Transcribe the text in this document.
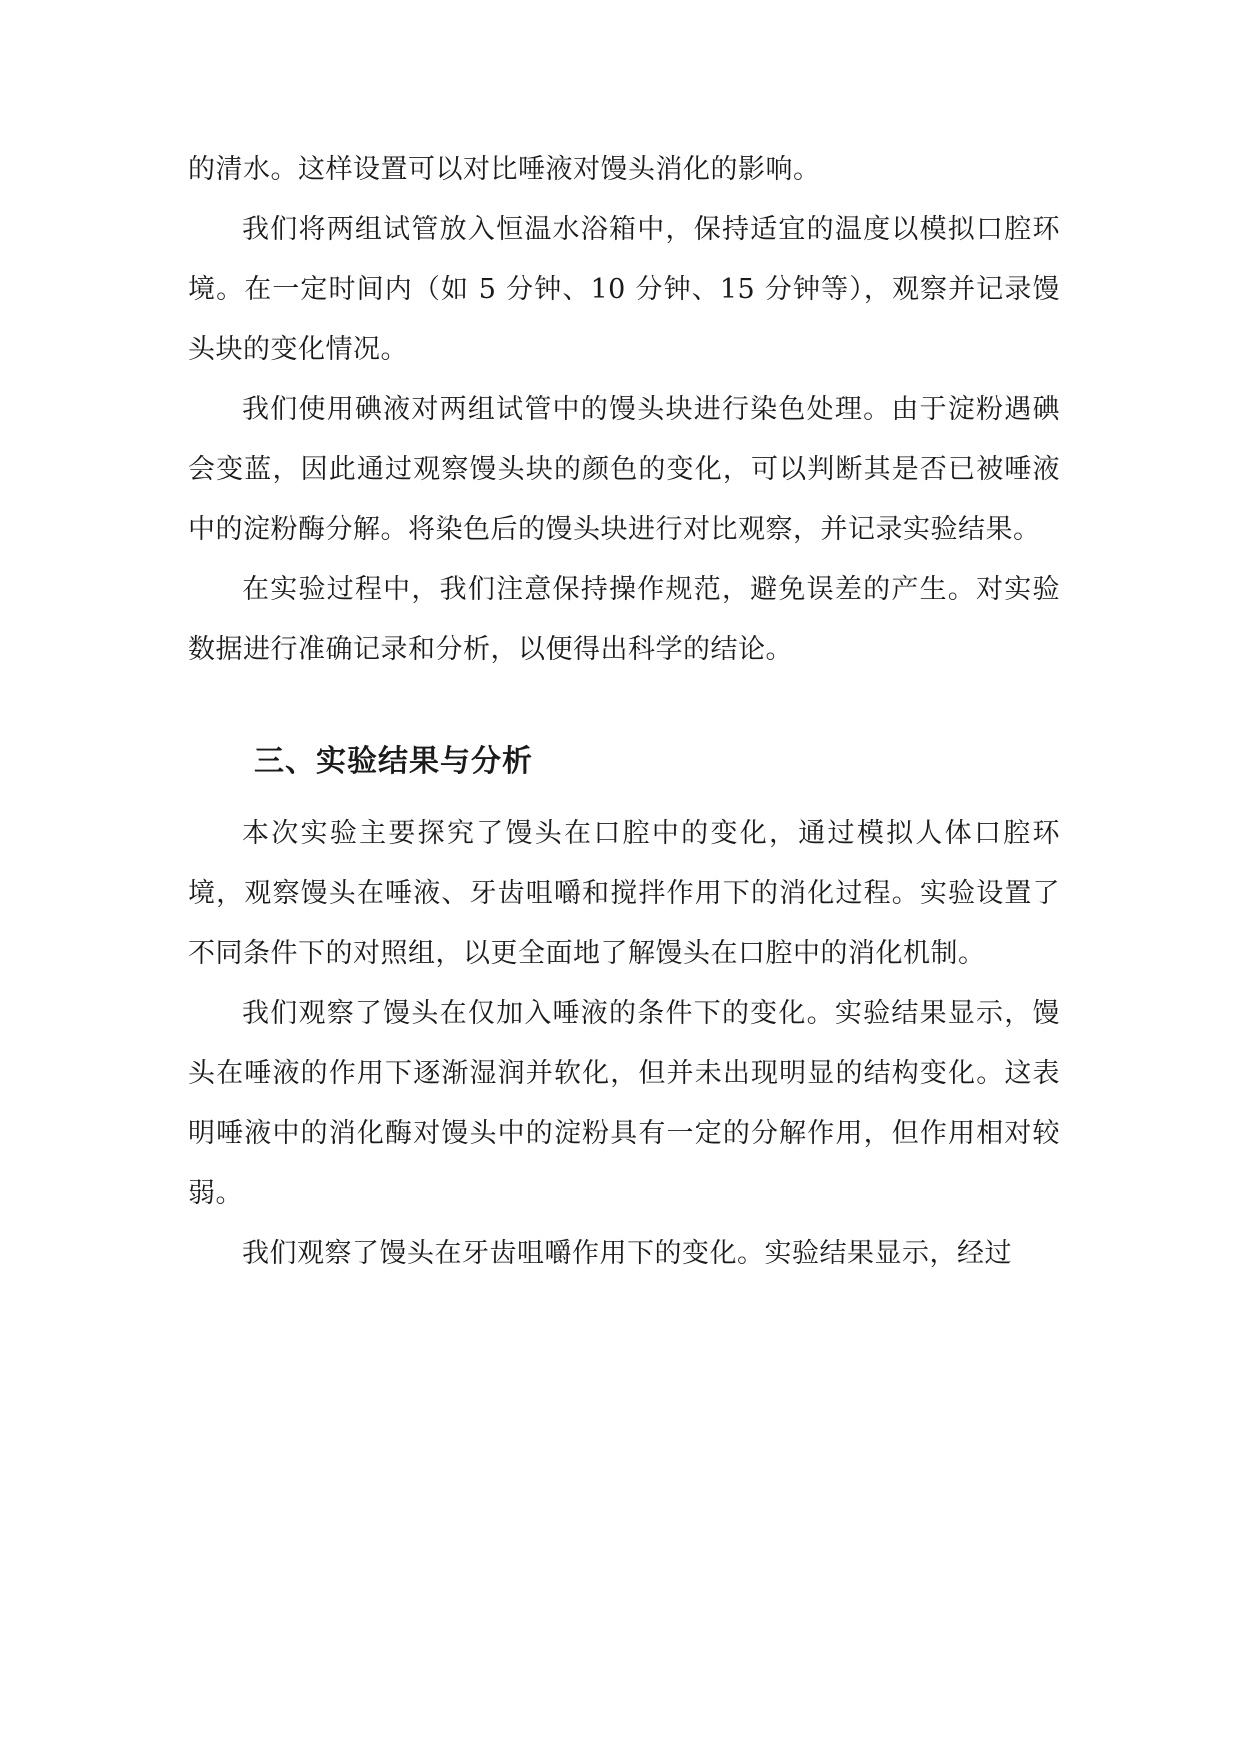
的清水。这样设置可以对比唾液对馒头消化的影响。

我们将两组试管放入恒温水浴箱中，保持适宜的温度以模拟口腔环境。在一定时间内（如 5 分钟、10 分钟、15 分钟等），观察并记录馒头块的变化情况。

我们使用碘液对两组试管中的馒头块进行染色处理。由于淀粉遇碘会变蓝，因此通过观察馒头块的颜色的变化，可以判断其是否已被唾液中的淀粉酶分解。将染色后的馒头块进行对比观察，并记录实验结果。

在实验过程中，我们注意保持操作规范，避免误差的产生。对实验数据进行准确记录和分析，以便得出科学的结论。

三、实验结果与分析

本次实验主要探究了馒头在口腔中的变化，通过模拟人体口腔环境，观察馒头在唾液、牙齿咀嚼和搅拌作用下的消化过程。实验设置了不同条件下的对照组，以更全面地了解馒头在口腔中的消化机制。

我们观察了馒头在仅加入唾液的条件下的变化。实验结果显示，馒头在唾液的作用下逐渐湿润并软化，但并未出现明显的结构变化。这表明唾液中的消化酶对馒头中的淀粉具有一定的分解作用，但作用相对较弱。

我们观察了馒头在牙齿咀嚼作用下的变化。实验结果显示，经过
